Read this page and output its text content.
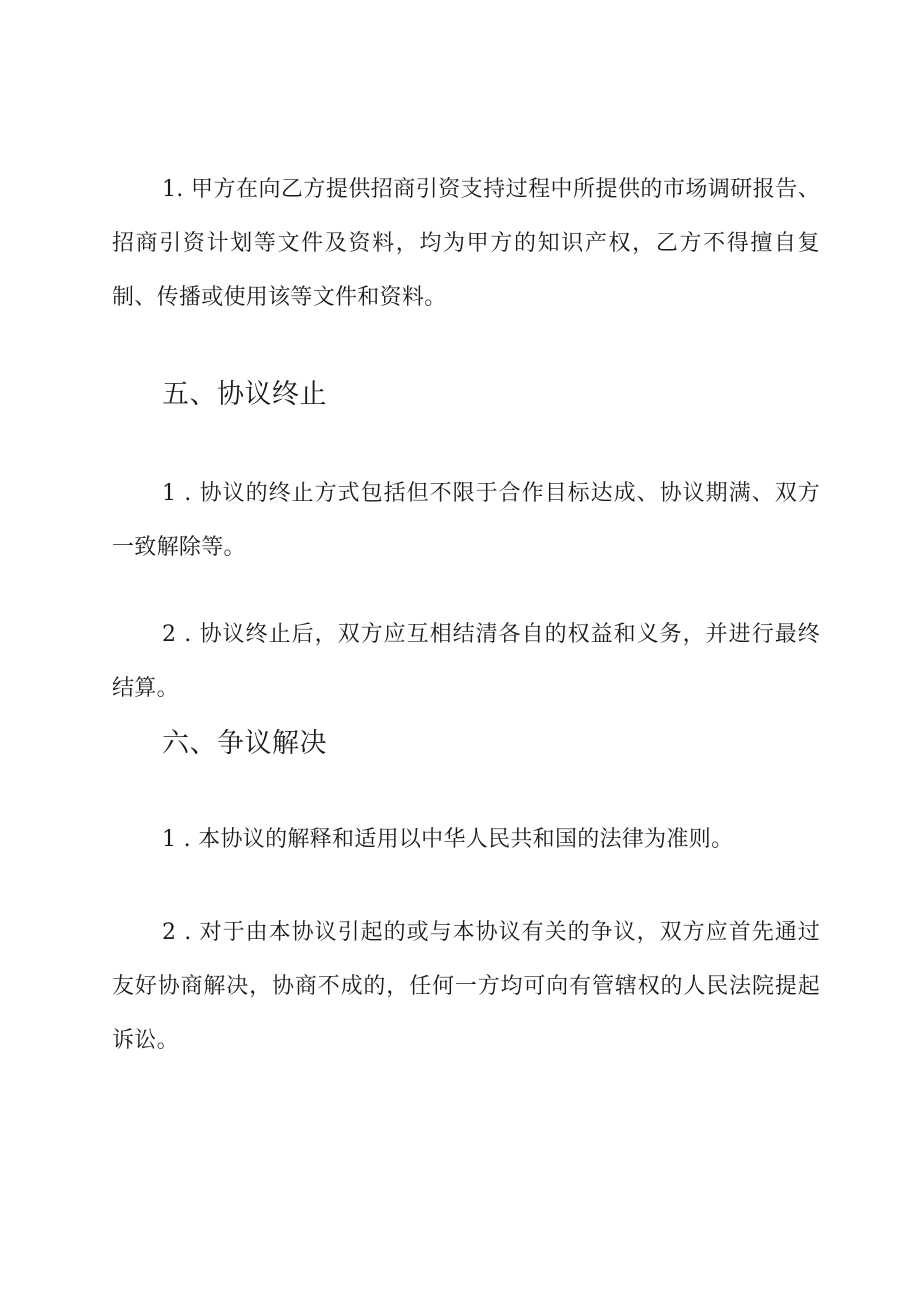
1. 甲方在向乙方提供招商引资支持过程中所提供的市场调研报告、招商引资计划等文件及资料，均为甲方的知识产权，乙方不得擅自复制、传播或使用该等文件和资料。

五、协议终止

1 . 协议的终止方式包括但不限于合作目标达成、协议期满、双方一致解除等。

2 . 协议终止后，双方应互相结清各自的权益和义务，并进行最终结算。

六、争议解决

1 . 本协议的解释和适用以中华人民共和国的法律为准则。

2 . 对于由本协议引起的或与本协议有关的争议，双方应首先通过友好协商解决，协商不成的，任何一方均可向有管辖权的人民法院提起诉讼。
